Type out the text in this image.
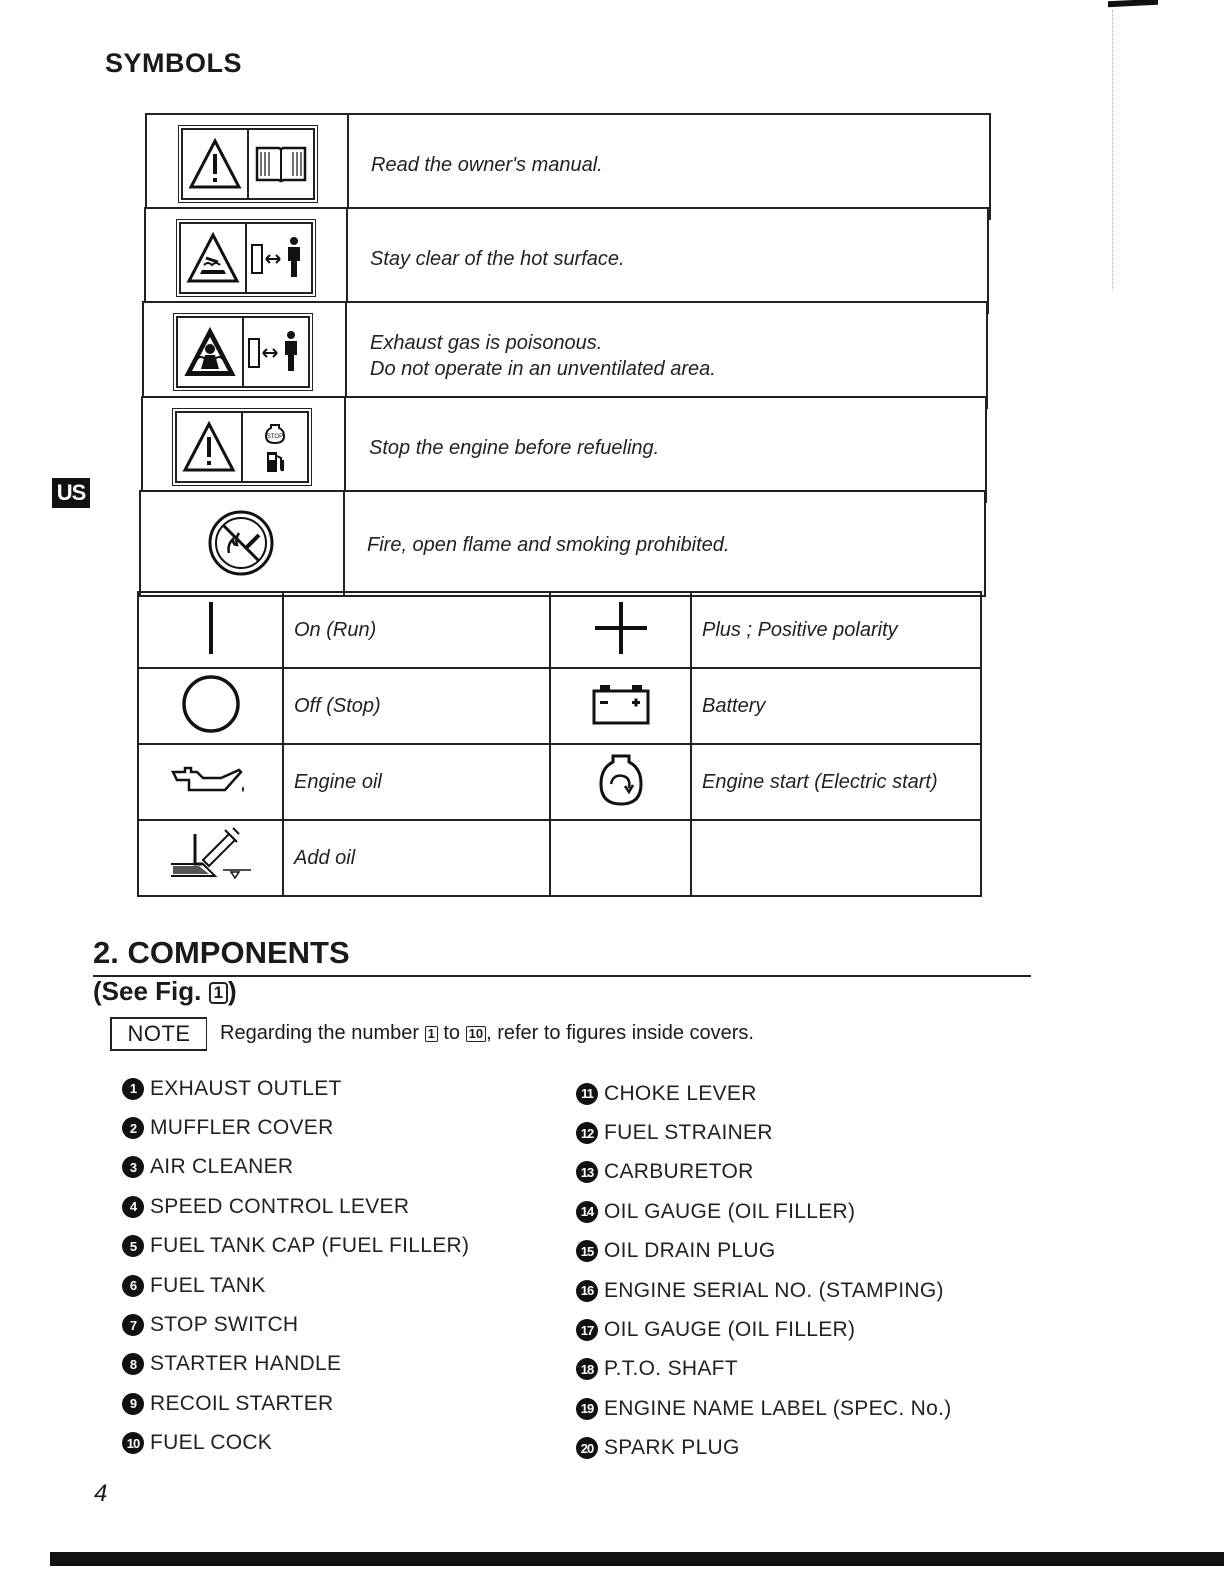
SYMBOLS
US
Read the owner's manual.
Stay clear of the hot surface.
Exhaust gas is poisonous.
Do not operate in an unventilated area.
STOP	Stop the engine before refueling.
Fire, open flame and smoking prohibited.
	On (Run)		Plus ; Positive polarity
	Off (Stop)		Battery
	Engine oil		Engine start (Electric start)
	Add oil		
2. COMPONENTS
(See Fig. 1 )
NOTE	Regarding the number 1 to 10 , refer to figures inside covers.
1 EXHAUST OUTLET
2 MUFFLER COVER
3 AIR CLEANER
4 SPEED CONTROL LEVER
5 FUEL TANK CAP (FUEL FILLER)
6 FUEL TANK
7 STOP SWITCH
8 STARTER HANDLE
9 RECOIL STARTER
10 FUEL COCK
11 CHOKE LEVER
12 FUEL STRAINER
13 CARBURETOR
14 OIL GAUGE (OIL FILLER)
15 OIL DRAIN PLUG
16 ENGINE SERIAL NO. (STAMPING)
17 OIL GAUGE (OIL FILLER)
18 P.T.O. SHAFT
19 ENGINE NAME LABEL (SPEC. No.)
20 SPARK PLUG
4
